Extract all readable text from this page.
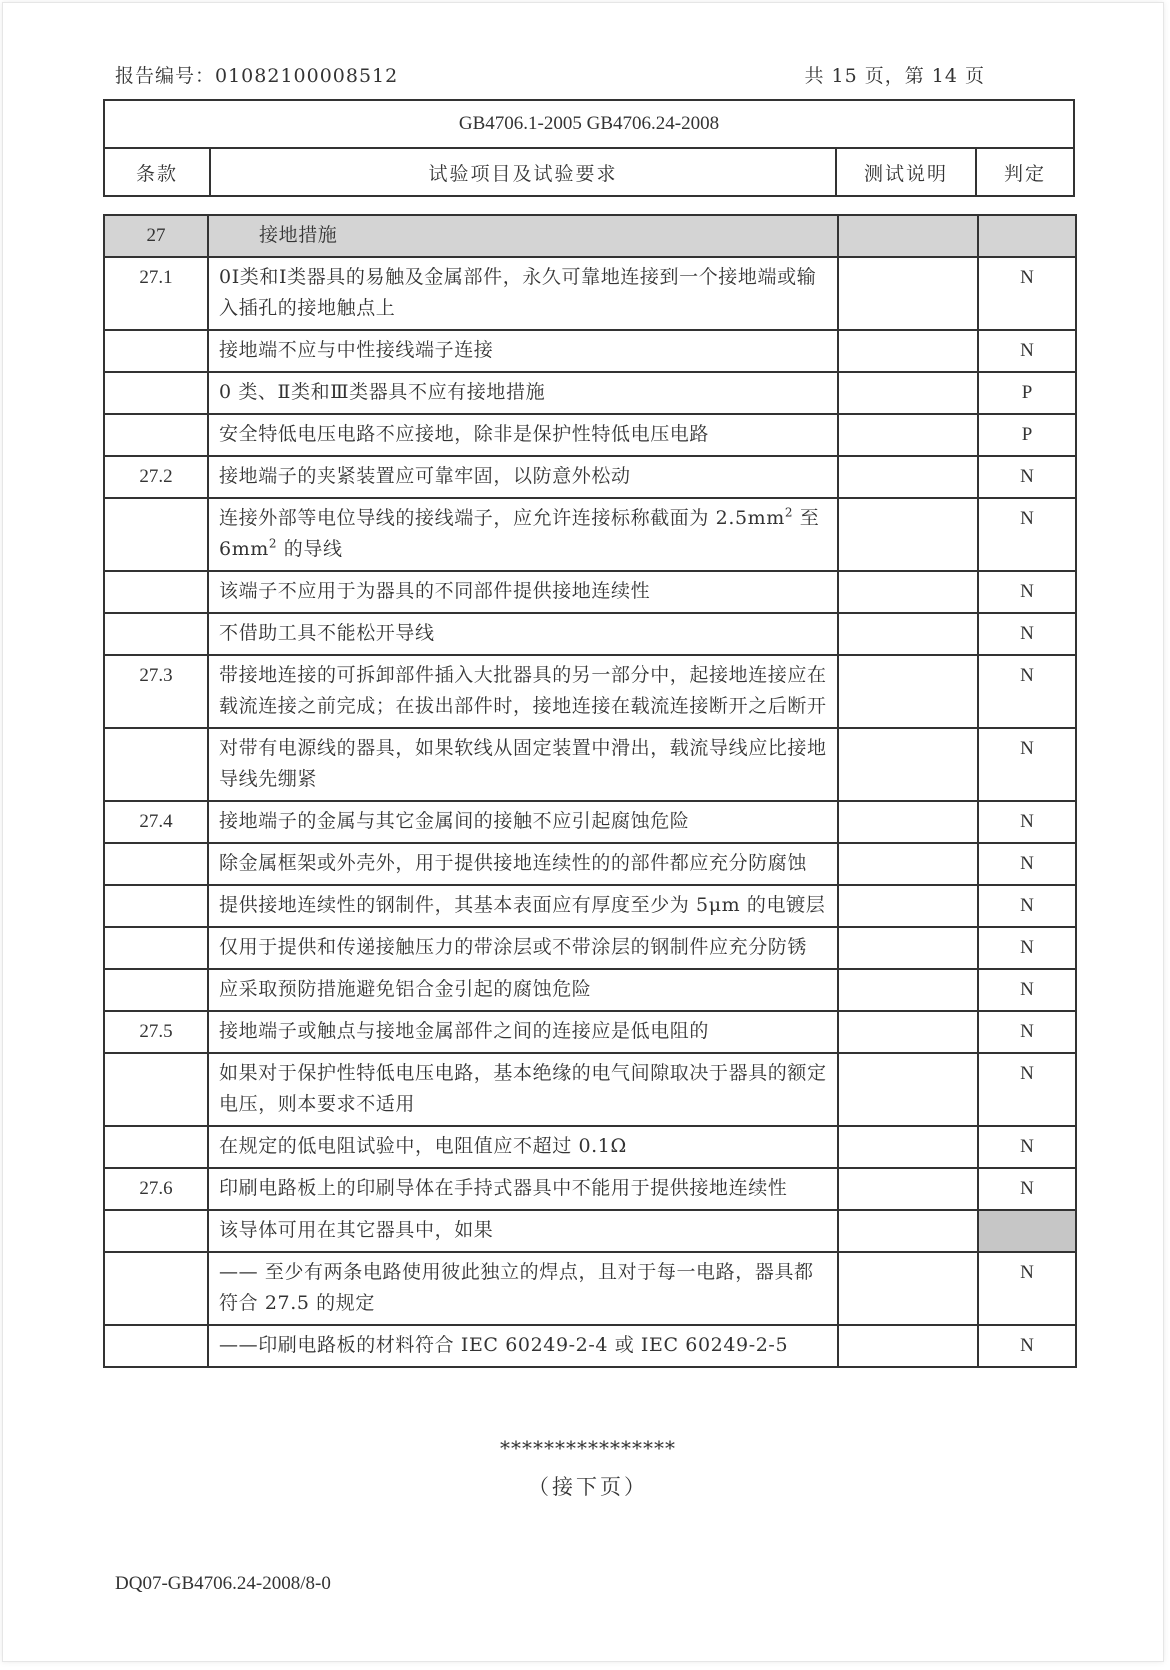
报告编号：01082100008512	共 15 页，第 14 页
GB4706.1-2005 GB4706.24-2008
条款	试验项目及试验要求	测试说明	判定
27	接地措施		
27.1	0I类和Ⅰ类器具的易触及金属部件，永久可靠地连接到一个接地端或输入插孔的接地触点上		N
	接地端不应与中性接线端子连接		N
	0 类、Ⅱ类和Ⅲ类器具不应有接地措施		P
	安全特低电压电路不应接地，除非是保护性特低电压电路		P
27.2	接地端子的夹紧装置应可靠牢固，以防意外松动		N
	连接外部等电位导线的接线端子，应允许连接标称截面为 $2.5mm^2$ 至 $6mm^2$ 的导线		N
	该端子不应用于为器具的不同部件提供接地连续性		N
	不借助工具不能松开导线		N
27.3	带接地连接的可拆卸部件插入大批器具的另一部分中，起接地连接应在载流连接之前完成；在拔出部件时，接地连接在载流连接断开之后断开		N
	对带有电源线的器具，如果软线从固定装置中滑出，载流导线应比接地导线先绷紧		N
27.4	接地端子的金属与其它金属间的接触不应引起腐蚀危险		N
	除金属框架或外壳外，用于提供接地连续性的的部件都应充分防腐蚀		N
	提供接地连续性的钢制件，其基本表面应有厚度至少为 5μm 的电镀层		N
	仅用于提供和传递接触压力的带涂层或不带涂层的钢制件应充分防锈		N
	应采取预防措施避免铝合金引起的腐蚀危险		N
27.5	接地端子或触点与接地金属部件之间的连接应是低电阻的		N
	如果对于保护性特低电压电路，基本绝缘的电气间隙取决于器具的额定电压，则本要求不适用		N
	在规定的低电阻试验中，电阻值应不超过 0.1Ω		N
27.6	印刷电路板上的印刷导体在手持式器具中不能用于提供接地连续性		N
	该导体可用在其它器具中，如果		
	—— 至少有两条电路使用彼此独立的焊点，且对于每一电路，器具都符合 27.5 的规定		N
	——印刷电路板的材料符合 IEC 60249-2-4 或 IEC 60249-2-5		N
****************
（接下页）
DQ07-GB4706.24-2008/8-0
